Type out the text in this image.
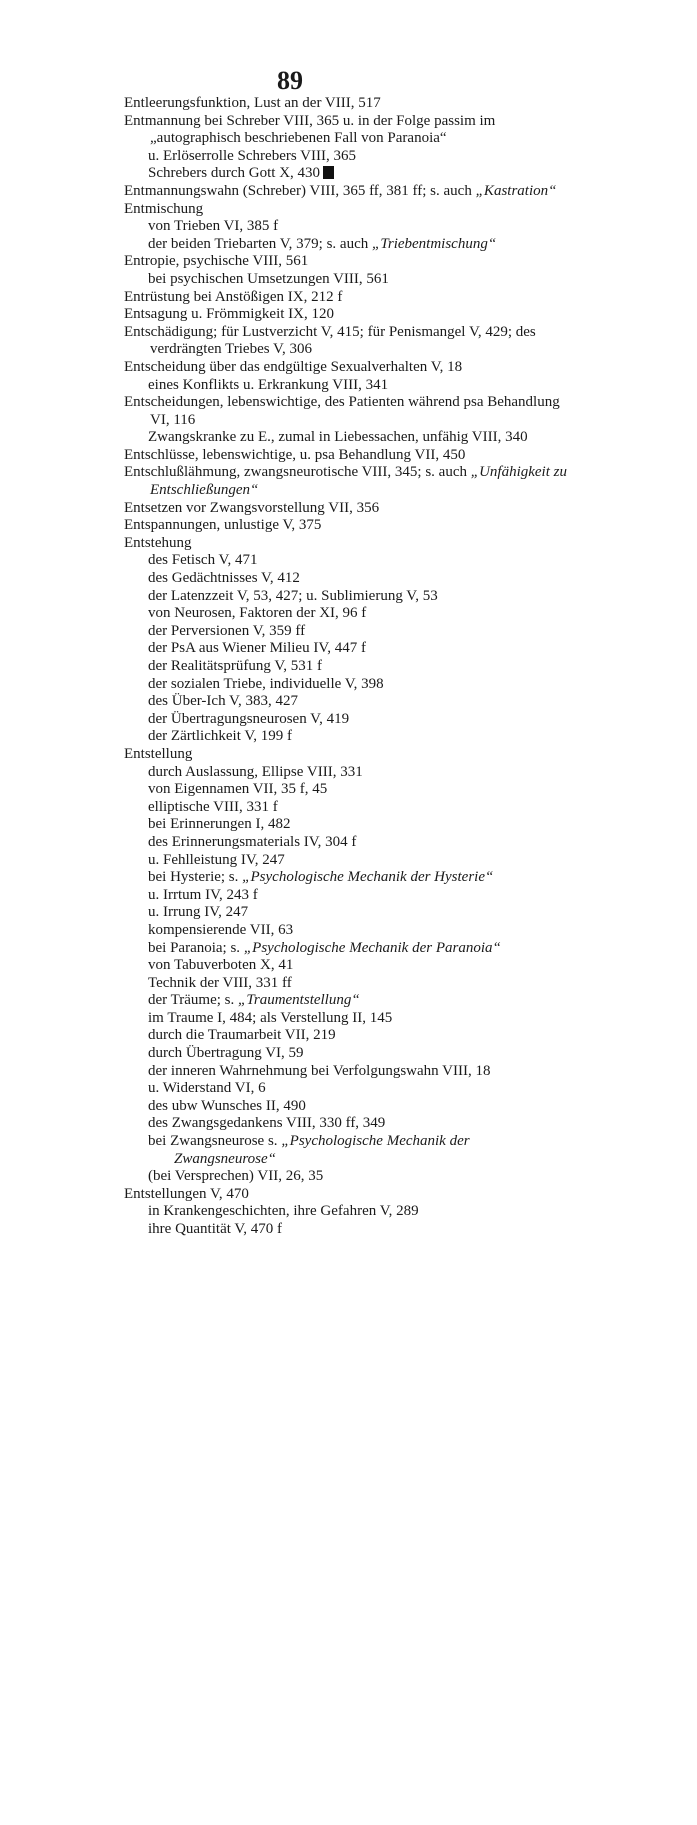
89

Entleerungsfunktion, Lust an der VIII, 517

Entmannung bei Schreber VIII, 365 u. in der Folge passim im „autographisch beschriebenen Fall von Paranoia“

u. Erlöserrolle Schrebers VIII, 365

Schrebers durch Gott X, 430

Entmannungswahn (Schreber) VIII, 365 ff, 381 ff; s. auch „Kastration“

Entmischung

von Trieben VI, 385 f

der beiden Triebarten V, 379; s. auch „Triebentmischung“

Entropie, psychische VIII, 561

bei psychischen Umsetzungen VIII, 561

Entrüstung bei Anstößigen IX, 212 f

Entsagung u. Frömmigkeit IX, 120

Entschädigung; für Lustverzicht V, 415; für Penismangel V, 429; des verdrängten Triebes V, 306

Entscheidung über das endgültige Sexualverhalten V, 18

eines Konflikts u. Erkrankung VIII, 341

Entscheidungen, lebenswichtige, des Patienten während psa Behandlung VI, 116

Zwangskranke zu E., zumal in Liebessachen, unfähig VIII, 340

Entschlüsse, lebenswichtige, u. psa Behandlung VII, 450

Entschlußlähmung, zwangsneurotische VIII, 345; s. auch „Unfähigkeit zu Entschließungen“

Entsetzen vor Zwangsvorstellung VII, 356

Entspannungen, unlustige V, 375

Entstehung

des Fetisch V, 471

des Gedächtnisses V, 412

der Latenzzeit V, 53, 427; u. Sublimierung V, 53

von Neurosen, Faktoren der XI, 96 f

der Perversionen V, 359 ff

der PsA aus Wiener Milieu IV, 447 f

der Realitätsprüfung V, 531 f

der sozialen Triebe, individuelle V, 398

des Über-Ich V, 383, 427

der Übertragungsneurosen V, 419

der Zärtlichkeit V, 199 f

Entstellung

durch Auslassung, Ellipse VIII, 331

von Eigennamen VII, 35 f, 45

elliptische VIII, 331 f

bei Erinnerungen I, 482

des Erinnerungsmaterials IV, 304 f

u. Fehlleistung IV, 247

bei Hysterie; s. „Psychologische Mechanik der Hysterie“

u. Irrtum IV, 243 f

u. Irrung IV, 247

kompensierende VII, 63

bei Paranoia; s. „Psychologische Mechanik der Paranoia“

von Tabuverboten X, 41

Technik der VIII, 331 ff

der Träume; s. „Traumentstellung“

im Traume I, 484; als Verstellung II, 145

durch die Traumarbeit VII, 219

durch Übertragung VI, 59

der inneren Wahrnehmung bei Verfolgungswahn VIII, 18

u. Widerstand VI, 6

des ubw Wunsches II, 490

des Zwangsgedankens VIII, 330 ff, 349

bei Zwangsneurose s. „Psychologische Mechanik der Zwangsneurose“

(bei Versprechen) VII, 26, 35

Entstellungen V, 470

in Krankengeschichten, ihre Gefahren V, 289

ihre Quantität V, 470 f
